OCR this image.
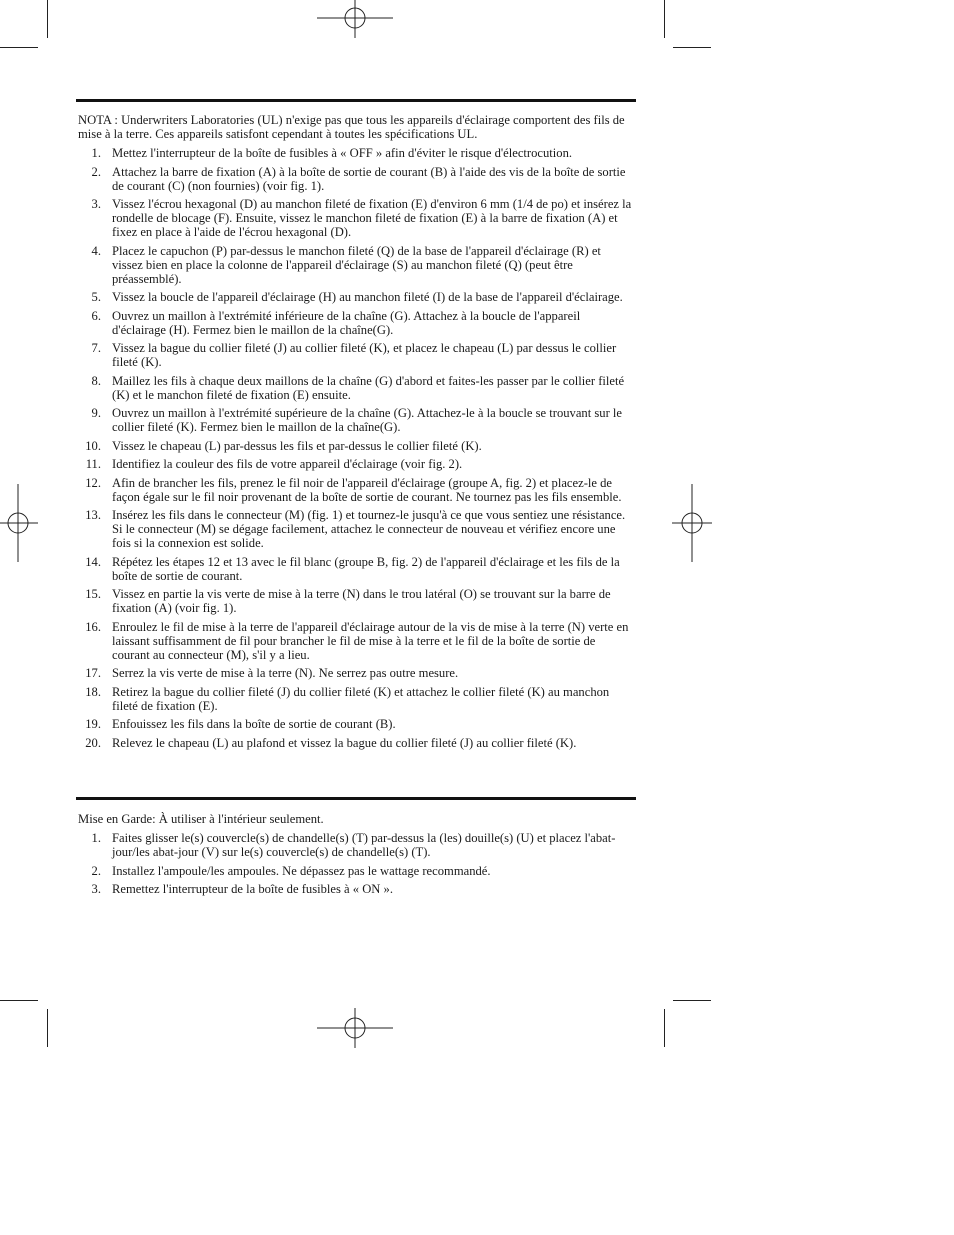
NOTA : Underwriters Laboratories (UL) n'exige pas que tous les appareils d'éclairage comportent des fils de mise à la terre. Ces appareils satisfont cependant à toutes les spécifications UL.

1. Mettez l'interrupteur de la boîte de fusibles à « OFF » afin d'éviter le risque d'électrocution.
2. Attachez la barre de fixation (A) à la boîte de sortie de courant (B) à l'aide des vis de la boîte de sortie de courant (C) (non fournies) (voir fig. 1).
3. Vissez l'écrou hexagonal (D) au manchon fileté de fixation (E) d'environ 6 mm (1/4 de po) et insérez la rondelle de blocage (F). Ensuite, vissez le manchon fileté de fixation (E) à la barre de fixation (A) et fixez en place à l'aide de l'écrou hexagonal (D).
4. Placez le capuchon (P) par-dessus le manchon fileté (Q) de la base de l'appareil d'éclairage (R) et vissez bien en place la colonne de l'appareil d'éclairage (S) au manchon fileté (Q) (peut être préassemblé).
5. Vissez la boucle de l'appareil d'éclairage (H) au manchon fileté (I) de la base de l'appareil d'éclairage.
6. Ouvrez un maillon à l'extrémité inférieure de la chaîne (G). Attachez à la boucle de l'appareil d'éclairage (H). Fermez bien le maillon de la chaîne(G).
7. Vissez la bague du collier fileté (J) au collier fileté (K), et placez le chapeau (L) par dessus le collier fileté (K).
8. Maillez les fils à chaque deux maillons de la chaîne (G) d'abord et faites-les passer par le collier fileté (K) et le manchon fileté de fixation (E) ensuite.
9. Ouvrez un maillon à l'extrémité supérieure de la chaîne (G). Attachez-le à la boucle se trouvant sur le collier fileté (K). Fermez bien le maillon de la chaîne(G).
10. Vissez le chapeau (L) par-dessus les fils et par-dessus le collier fileté (K).
11. Identifiez la couleur des fils de votre appareil d'éclairage (voir fig. 2).
12. Afin de brancher les fils, prenez le fil noir de l'appareil d'éclairage (groupe A, fig. 2) et placez-le de façon égale sur le fil noir provenant de la boîte de sortie de courant. Ne tournez pas les fils ensemble.
13. Insérez les fils dans le connecteur (M) (fig. 1) et tournez-le jusqu'à ce que vous sentiez une résistance. Si le connecteur (M) se dégage facilement, attachez le connecteur de nouveau et vérifiez encore une fois si la connexion est solide.
14. Répétez les étapes 12 et 13 avec le fil blanc (groupe B, fig. 2) de l'appareil d'éclairage et les fils de la boîte de sortie de courant.
15. Vissez en partie la vis verte de mise à la terre (N) dans le trou latéral (O) se trouvant sur la barre de fixation (A) (voir fig. 1).
16. Enroulez le fil de mise à la terre de l'appareil d'éclairage autour de la vis de mise à la terre (N) verte en laissant suffisamment de fil pour brancher le fil de mise à la terre et le fil de la boîte de sortie de courant au connecteur (M), s'il y a lieu.
17. Serrez la vis verte de mise à la terre (N). Ne serrez pas outre mesure.
18. Retirez la bague du collier fileté (J) du collier fileté (K) et attachez le collier fileté (K) au manchon fileté de fixation (E).
19. Enfouissez les fils dans la boîte de sortie de courant (B).
20. Relevez le chapeau (L) au plafond et vissez la bague du collier fileté (J) au collier fileté (K).

Mise en Garde: À utiliser à l'intérieur seulement.

1. Faites glisser le(s) couvercle(s) de chandelle(s) (T) par-dessus la (les) douille(s) (U) et placez l'abat-jour/les abat-jour (V) sur le(s) couvercle(s) de chandelle(s) (T).
2. Installez l'ampoule/les ampoules. Ne dépassez pas le wattage recommandé.
3. Remettez l'interrupteur de la boîte de fusibles à « ON ».
